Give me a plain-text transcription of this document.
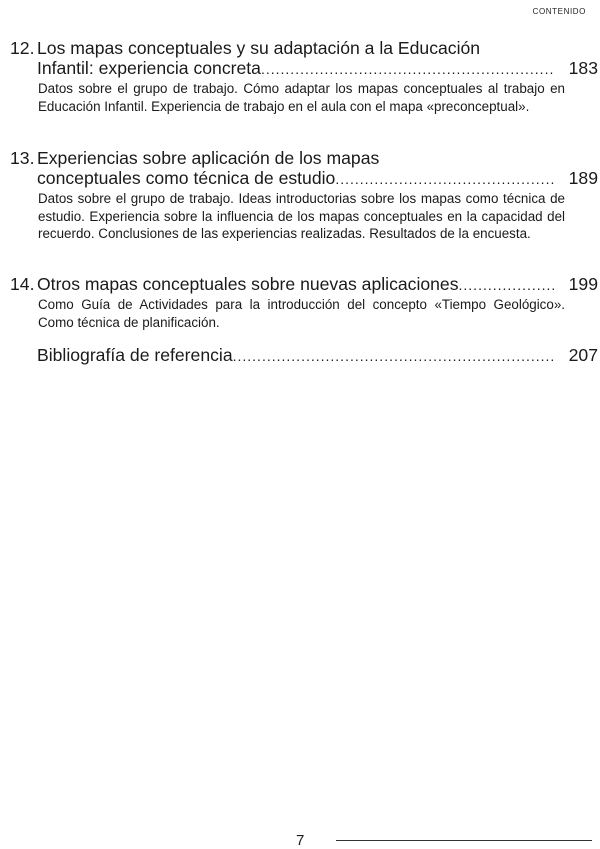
CONTENIDO
12. Los mapas conceptuales y su adaptación a la Educación
Infantil: experiencia concreta .....	183
Datos sobre el grupo de trabajo. Cómo adaptar los mapas conceptuales al trabajo en Educación Infantil. Experiencia de trabajo en el aula con el mapa «preconceptual».
13. Experiencias sobre aplicación de los mapas
conceptuales como técnica de estudio .....	189
Datos sobre el grupo de trabajo. Ideas introductorias sobre los mapas como técnica de estudio. Experiencia sobre la influencia de los mapas conceptuales en la capacidad del recuerdo. Conclusiones de las experiencias realizadas. Resultados de la encuesta.
14. Otros mapas conceptuales sobre nuevas aplicaciones .....	199
Como Guía de Actividades para la introducción del concepto «Tiempo Geológico». Como técnica de planificación.
Bibliografía de referencia .....	207
7
